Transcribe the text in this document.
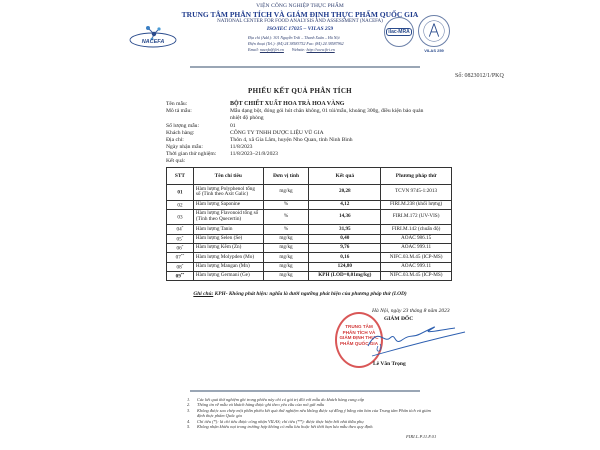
VIỆN CÔNG NGHIỆP THỰC PHẨM
TRUNG TÂM PHÂN TÍCH VÀ GIÁM ĐỊNH THỰC PHẨM QUỐC GIA
NATIONAL CENTER FOR FOOD ANALYSIS AND ASSESSMENT (NACEFA)
ISO/IEC 17025 – VILAS 259
Địa chỉ (Add.): 301 Nguyễn Trãi – Thanh Xuân – Hà Nội
Điện thoại (Tel.): (84) 24 38583752 Fax: (84) 24 38587962
Email: nacefa@firi.vn Website: http://www.firi.vn
NACEFA
ilac-MRA
VILAS 259
Số: 0823012/1/PKQ
PHIẾU KẾT QUẢ PHÂN TÍCH
Tên mẫu:	BỘT CHIẾT XUẤT HOA TRÀ HOA VÀNG
Mô tả mẫu:	Mẫu dạng bột, đóng gói hút chân không, 01 túi/mẫu, khoảng 300g, điều kiện bảo quản
nhiệt độ phòng
Số lượng mẫu:	01
Khách hàng:	CÔNG TY TNHH DƯỢC LIỆU VŨ GIA
Địa chỉ:	Thôn 4, xã Gia Lâm, huyện Nho Quan, tỉnh Ninh Bình
Ngày nhận mẫu:	11/8/2023
Thời gian thử nghiệm:	11/8/2023–21/8/2023
Kết quả:
STT	Tên chỉ tiêu	Đơn vị tính	Kết quả	Phương pháp thử
01	Hàm lượng Polyphenol tổng số (Tính theo Axit Galic)	mg/kg	20,28	TCVN 9745-1:2013
02	Hàm lượng Saponine	%	4,12	FIRI.M.238 (khối lượng)
03	Hàm lượng Flavonoid tổng số (Tính theo Quecertin)	%	14,36	FIRI.M.172 (UV-VIS)
04*	Hàm lượng Tanin	%	31,95	FIRI.M.142 (chuẩn độ)
05*	Hàm lượng Selen (Se)	mg/kg	0,40	AOAC 986.15
06*	Hàm lượng Kẽm (Zn)	mg/kg	9,76	AOAC 999.11
07**	Hàm lượng Molypden (Mo)	mg/kg	0,16	NIFC.03.M.45 (ICP-MS)
08*	Hàm lượng Mangan (Mn)	mg/kg	124,80	AOAC 999.11
09**	Hàm lượng Germani (Ge)	mg/kg	KPH (LOD=0,01mg/kg)	NIFC.03.M.45 (ICP-MS)
Ghi chú: KPH- Không phát hiện: nghĩa là dưới ngưỡng phát hiện của phương pháp thử (LOD)
TRUNG TÂM PHÂN TÍCH VÀ GIÁM ĐỊNH THỰC PHẨM QUỐC GIA
Hà Nội, ngày 23 tháng 8 năm 2023
GIÁM ĐỐC
Lê Văn Trọng
1. Các kết quả thử nghiệm ghi trong phiếu này chỉ có giá trị đối với mẫu do khách hàng cung cấp
2. Thông tin về mẫu và khách hàng được ghi theo yêu cầu của nơi gửi mẫu
3. Không được sao chép một phần phiếu kết quả thử nghiệm nếu không được sự đồng ý bằng văn bản của Trung tâm Phân tích và giám định thực phẩm Quốc gia
4. Chỉ tiêu (*): là chỉ tiêu được công nhận VILAS; chỉ tiêu (**): được thực hiện bởi nhà thầu phụ
5. Không nhận khiếu nại trong trường hợp không có mẫu lưu hoặc hết thời hạn lưu mẫu theo quy định.
FIRI.L.P.11.F.01
